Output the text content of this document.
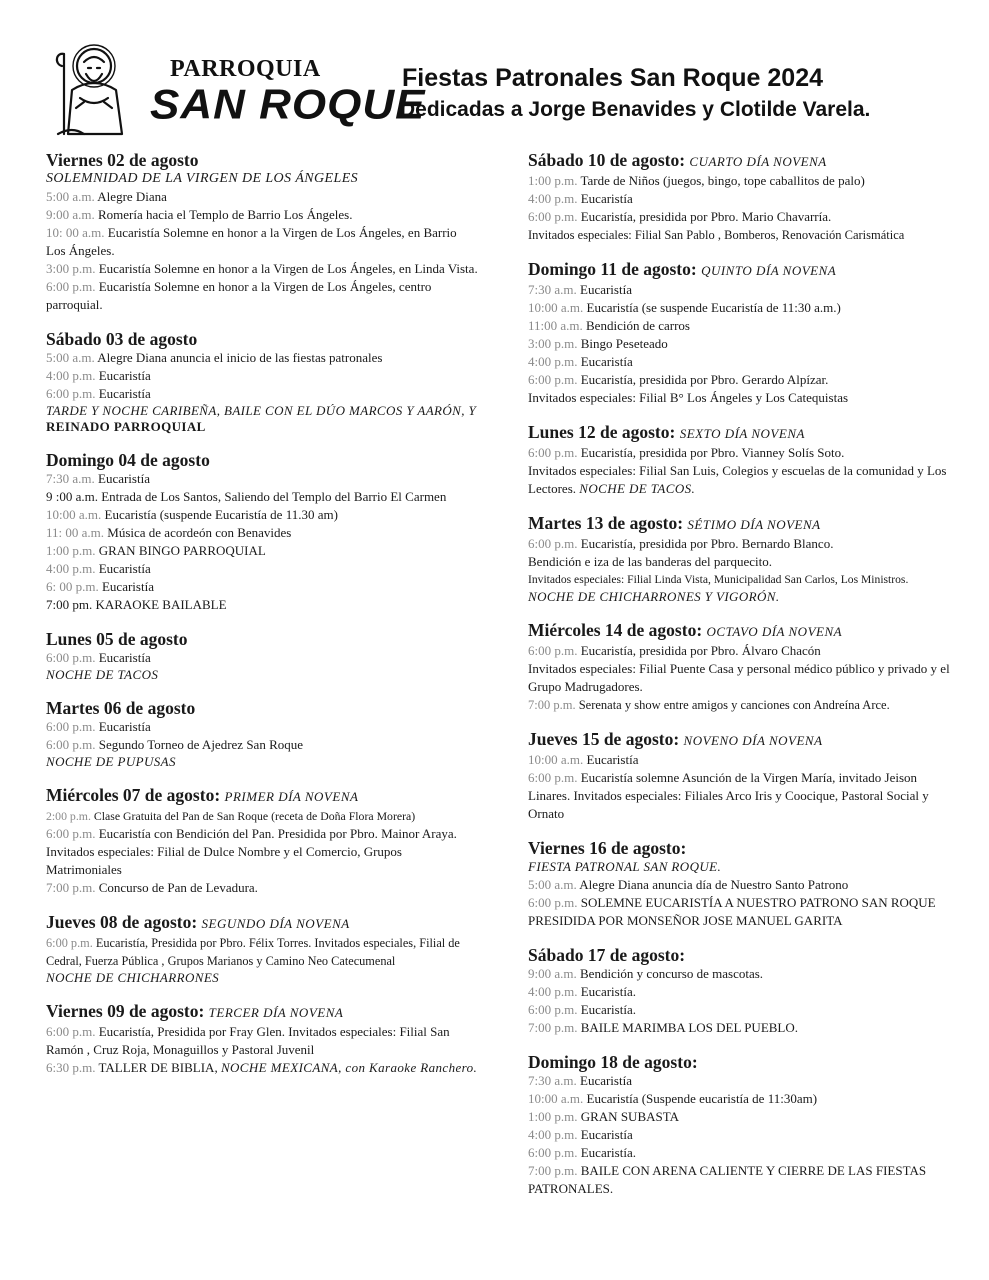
PARROQUIA
SAN ROQUE
Fiestas Patronales San Roque 2024
Dedicadas a Jorge Benavides y Clotilde Varela.
Viernes 02 de agosto
SOLEMNIDAD DE LA VIRGEN DE LOS ÁNGELES
5:00 a.m. Alegre Diana
9:00 a.m. Romería hacia el Templo de Barrio Los Ángeles.
10: 00 a.m. Eucaristía Solemne en honor a la Virgen de Los Ángeles, en Barrio Los Ángeles.
3:00 p.m. Eucaristía Solemne en honor a la Virgen de Los Ángeles, en Linda Vista.
6:00 p.m. Eucaristía Solemne en honor a la Virgen de Los Ángeles, centro parroquial.
Sábado 03 de agosto
5:00 a.m. Alegre Diana anuncia el inicio de las fiestas patronales
4:00 p.m. Eucaristía
6:00 p.m. Eucaristía
TARDE Y NOCHE CARIBEÑA, BAILE CON EL DÚO MARCOS Y AARÓN, Y REINADO PARROQUIAL
Domingo 04 de agosto
7:30 a.m. Eucaristía
9 :00 a.m. Entrada de Los Santos, Saliendo del Templo del Barrio El Carmen
10:00 a.m. Eucaristía (suspende Eucaristía de 11.30 am)
11: 00 a.m. Música de acordeón con Benavides
1:00 p.m. GRAN BINGO PARROQUIAL
4:00 p.m. Eucaristía
6: 00 p.m. Eucaristía
7:00 pm. KARAOKE BAILABLE
Lunes 05 de agosto
6:00 p.m. Eucaristía
NOCHE DE TACOS
Martes 06 de agosto
6:00 p.m. Eucaristía
6:00 p.m. Segundo Torneo de Ajedrez San Roque
NOCHE DE PUPUSAS
Miércoles 07 de agosto: PRIMER DÍA NOVENA
2:00 p.m. Clase Gratuita del Pan de San Roque (receta de Doña Flora Morera)
6:00 p.m. Eucaristía con Bendición del Pan. Presidida por Pbro. Mainor Araya. Invitados especiales: Filial de Dulce Nombre y el Comercio, Grupos Matrimoniales
7:00 p.m. Concurso de Pan de Levadura.
Jueves 08 de agosto: SEGUNDO DÍA NOVENA
6:00 p.m. Eucaristía, Presidida por Pbro. Félix Torres. Invitados especiales, Filial de Cedral, Fuerza Pública , Grupos Marianos y Camino Neo Catecumenal
NOCHE DE CHICHARRONES
Viernes 09 de agosto: TERCER DÍA NOVENA
6:00 p.m. Eucaristía, Presidida por Fray Glen. Invitados especiales: Filial San Ramón , Cruz Roja, Monaguillos y Pastoral Juvenil
6:30 p.m. TALLER DE BIBLIA, NOCHE MEXICANA, con Karaoke Ranchero.
Sábado 10 de agosto: CUARTO DÍA NOVENA
1:00 p.m. Tarde de Niños (juegos, bingo, tope caballitos de palo)
4:00 p.m. Eucaristía
6:00 p.m. Eucaristía, presidida por Pbro. Mario Chavarría.
Invitados especiales: Filial San Pablo , Bomberos, Renovación Carismática
Domingo 11 de agosto: QUINTO DÍA NOVENA
7:30 a.m. Eucaristía
10:00 a.m. Eucaristía (se suspende Eucaristía de 11:30 a.m.)
11:00 a.m. Bendición de carros
3:00 p.m. Bingo Peseteado
4:00 p.m. Eucaristía
6:00 p.m. Eucaristía, presidida por Pbro. Gerardo Alpízar.
Invitados especiales: Filial B° Los Ángeles y Los Catequistas
Lunes 12 de agosto: SEXTO DÍA NOVENA
6:00 p.m. Eucaristía, presidida por Pbro. Vianney Solís Soto.
Invitados especiales: Filial San Luis, Colegios y escuelas de la comunidad y Los Lectores. NOCHE DE TACOS.
Martes 13 de agosto: SÉTIMO DÍA NOVENA
6:00 p.m. Eucaristía, presidida por Pbro. Bernardo Blanco.
Bendición e iza de las banderas del parquecito.
Invitados especiales: Filial Linda Vista, Municipalidad San Carlos, Los Ministros.
NOCHE DE CHICHARRONES Y VIGORÓN.
Miércoles 14 de agosto: OCTAVO DÍA NOVENA
6:00 p.m. Eucaristía, presidida por Pbro. Álvaro Chacón
Invitados especiales: Filial Puente Casa y personal médico público y privado y el Grupo Madrugadores.
7:00 p.m. Serenata y show entre amigos y canciones con Andreína Arce.
Jueves 15 de agosto: NOVENO DÍA NOVENA
10:00 a.m. Eucaristía
6:00 p.m. Eucaristía solemne Asunción de la Virgen María, invitado Jeison Linares. Invitados especiales: Filiales Arco Iris y Coocique, Pastoral Social y Ornato
Viernes 16 de agosto:
FIESTA PATRONAL SAN ROQUE.
5:00 a.m. Alegre Diana anuncia día de Nuestro Santo Patrono
6:00 p.m. SOLEMNE EUCARISTÍA A NUESTRO PATRONO SAN ROQUE PRESIDIDA POR MONSEÑOR JOSE MANUEL GARITA
Sábado 17 de agosto:
9:00 a.m. Bendición y concurso de mascotas.
4:00 p.m. Eucaristía.
6:00 p.m. Eucaristía.
7:00 p.m. BAILE MARIMBA LOS DEL PUEBLO.
Domingo 18 de agosto:
7:30 a.m. Eucaristía
10:00 a.m. Eucaristía (Suspende eucaristía de 11:30am)
1:00 p.m. GRAN SUBASTA
4:00 p.m. Eucaristía
6:00 p.m. Eucaristía.
7:00 p.m. BAILE CON ARENA CALIENTE Y CIERRE DE LAS FIESTAS PATRONALES.
